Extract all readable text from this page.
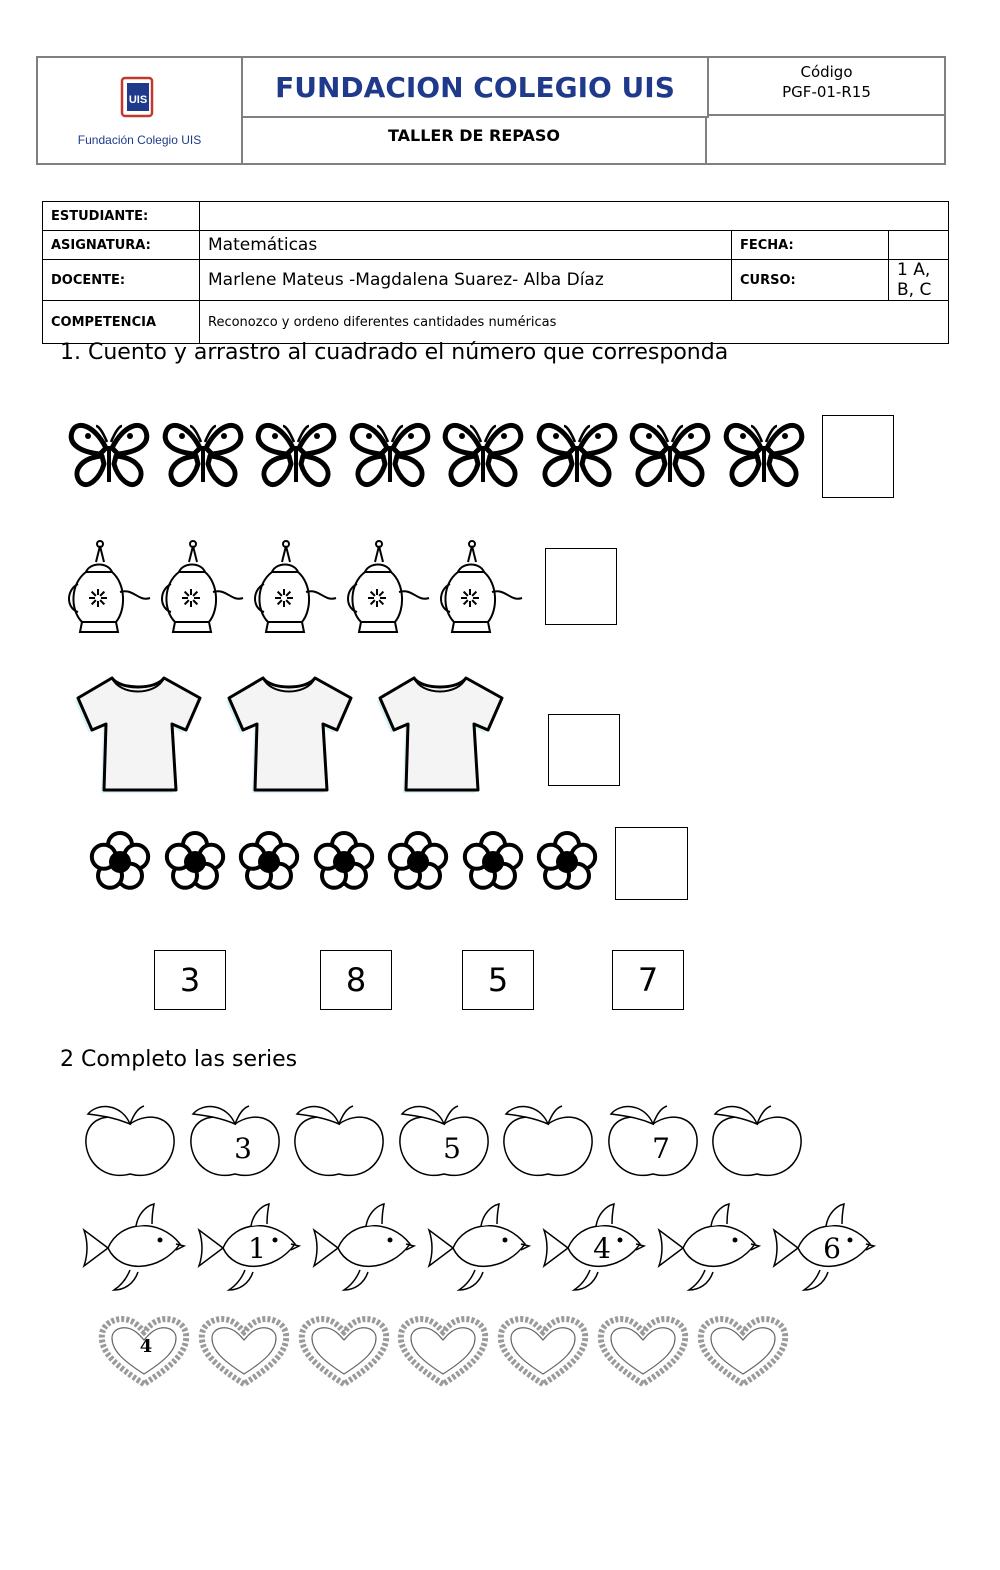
UIS
Fundación Colegio UIS
FUNDACION COLEGIO UIS
TALLER DE REPASO
Código
PGF-01-R15
ESTUDIANTE:			
ASIGNATURA:	Matemáticas	FECHA:	
DOCENTE:	Marlene Mateus -Magdalena Suarez- Alba Díaz	CURSO:	1 A, B, C
COMPETENCIA	Reconozco y ordeno diferentes cantidades numéricas		
1. Cuento y arrastro al cuadrado el número que corresponda
3	8	5	7
2 Completo las series
3	5	7
1	4	6
4
